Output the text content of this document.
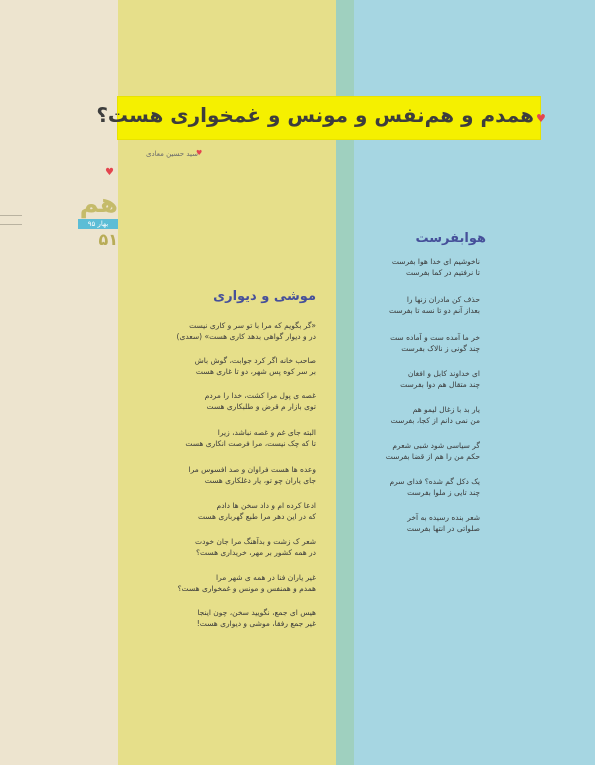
همدم و هم‌نفس و مونس و غمخواری هست؟ ♥
سید حسین معادی
♥
♥
هم
بهار ۹۵
۵۱	هوابفرست
ناخوشیم ای خدا هوا بفرست
تا نرفتیم در کما بفرست
حذف کن مادران زنها را
بعداز آنم دو تا نسه تا بفرست
خر ما آمده ست و آماده ست
چند گونی ز نالاک بفرست
ای خداوند کابل و افغان
چند متقال هم دوا بفرست
یار بد با زغال لیمو هم
من نمی دانم از کجا، بفرست
گر سیاسی شود شبی شعرم
حکم من را هم از قضا بفرست
یک دکل گم شده؟ فدای سرم
چند تایی ز ملوا بفرست
شعر بنده رسیده به آخر
صلواتی در انتها بفرست
موشی و دیواری
«گر بگویم که مرا با تو سر و کاری نیست
در و دیوار گواهی بدهد کاری هست» (سعدی)
صاحب خانه اگر کرد جوابت، گوش باش
بر سر کوه پس شهر، دو تا غاری هست
غصه ی پول مرا کشت، خدا را مردم
توی بازار م قرض و طلبکاری هست
البته جای غم و غصه نباشد، زیرا
تا که چک نیست، مرا فرصت انکاری هست
وعده ها هست فراوان و صد افسوس مرا
جای یاران چو تو، یار دغلکاری هست
ادعا کرده ام و داد سخن ها دادم
که در این دهر مرا طبع گهرباری هست
شعر ک زشت و بدآهنگ مرا جان خودت
در همه کشور بر مهر، خریداری هست؟
غیر یاران فنا در همه ی شهر مرا
همدم و همنفس و مونس و غمخواری هست؟
هیس ای جمع، نگویید سخن، چون اینجا
غیر جمع رفقا، موشی و دیواری هست!
